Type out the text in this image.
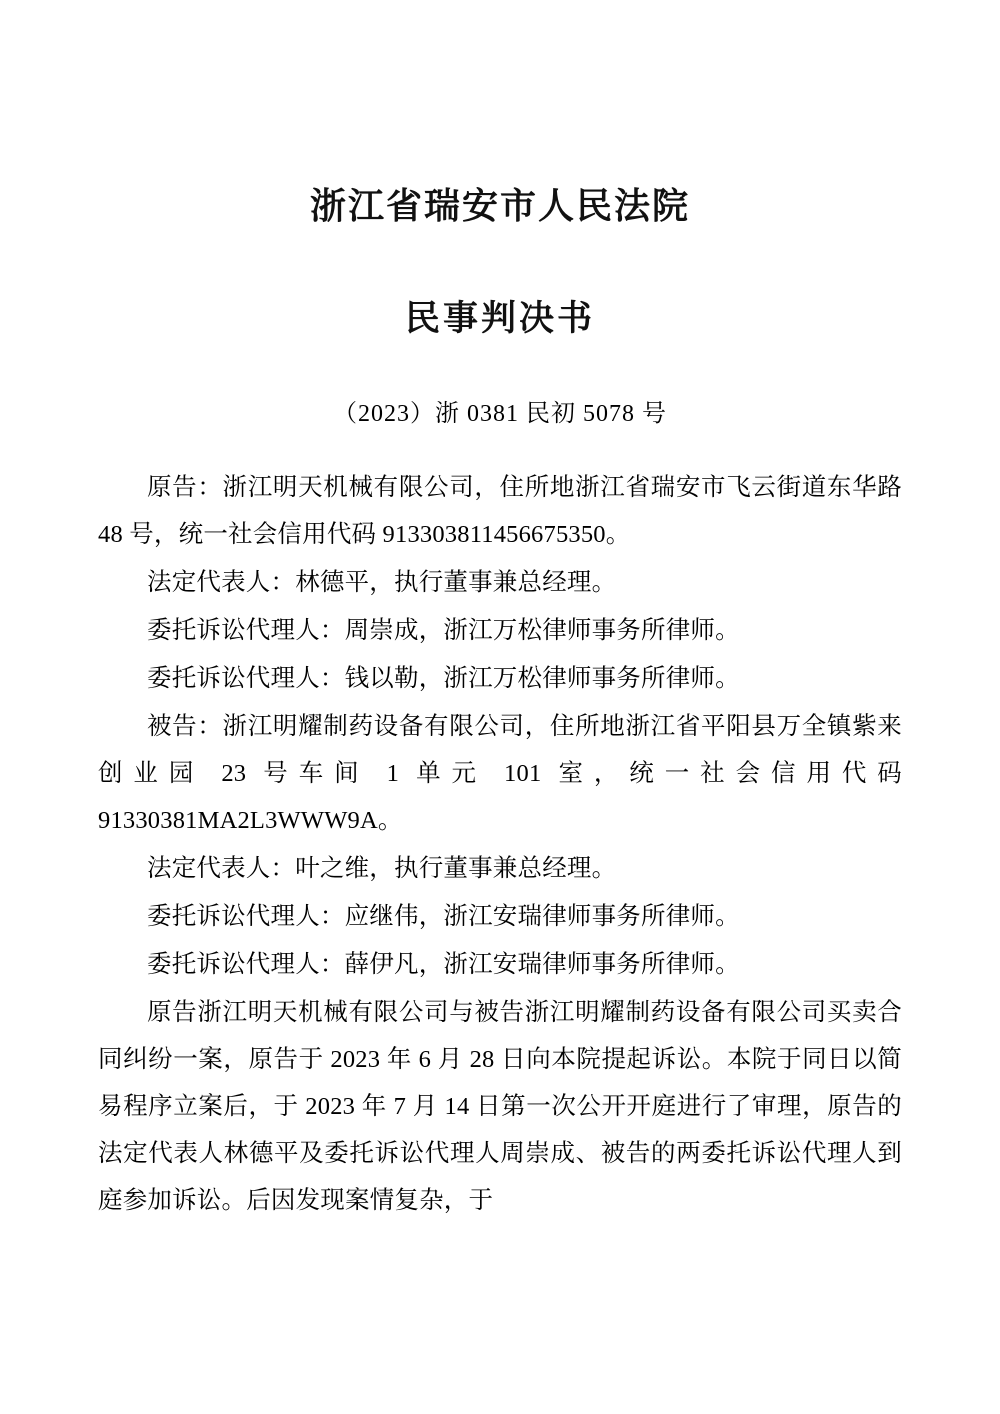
浙江省瑞安市人民法院
民事判决书
（2023）浙 0381 民初 5078 号

原告：浙江明天机械有限公司，住所地浙江省瑞安市飞云街道东华路 48 号，统一社会信用代码 913303811456675350。

法定代表人：林德平，执行董事兼总经理。

委托诉讼代理人：周崇成，浙江万松律师事务所律师。

委托诉讼代理人：钱以勒，浙江万松律师事务所律师。

被告：浙江明耀制药设备有限公司，住所地浙江省平阳县万全镇紫来创业园 23 号车间 1 单元 101 室，统一社会信用代码 91330381MA2L3WWW9A。

法定代表人：叶之维，执行董事兼总经理。

委托诉讼代理人：应继伟，浙江安瑞律师事务所律师。

委托诉讼代理人：薛伊凡，浙江安瑞律师事务所律师。

原告浙江明天机械有限公司与被告浙江明耀制药设备有限公司买卖合同纠纷一案，原告于 2023 年 6 月 28 日向本院提起诉讼。本院于同日以简易程序立案后，于 2023 年 7 月 14 日第一次公开开庭进行了审理，原告的法定代表人林德平及委托诉讼代理人周崇成、被告的两委托诉讼代理人到庭参加诉讼。后因发现案情复杂，于
